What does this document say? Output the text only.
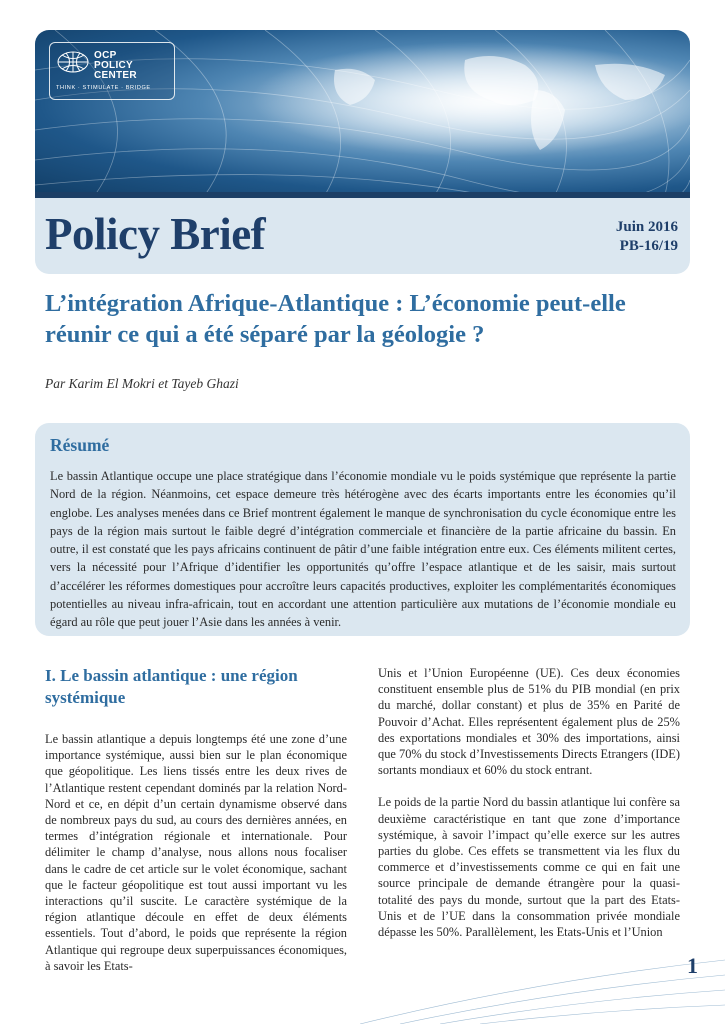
OCP
POLICY
CENTER
THINK · STIMULATE · BRIDGE
Policy Brief	Juin 2016
PB-16/19
L’intégration Afrique-Atlantique : L’économie peut-elle réunir ce qui a été séparé par la géologie ?
Par Karim El Mokri et Tayeb Ghazi
Résumé
Le bassin Atlantique occupe une place stratégique dans l’économie mondiale vu le poids systémique que représente la partie Nord de la région. Néanmoins, cet espace demeure très hétérogène avec des écarts importants entre les économies qu’il englobe. Les analyses menées dans ce Brief montrent également le manque de synchronisation du cycle économique entre les pays de la région mais surtout le faible degré d’intégration commerciale et financière de la partie africaine du bassin. En outre, il est constaté que les pays africains continuent de pâtir d’une faible intégration entre eux. Ces éléments militent certes, vers la nécessité pour l’Afrique d’identifier les opportunités qu’offre l’espace atlantique et de les saisir, mais surtout d’accélérer les réformes domestiques pour accroître leurs capacités productives, exploiter les complémentarités économiques potentielles au niveau infra-africain, tout en accordant une attention particulière aux mutations de l’économie mondiale eu égard au rôle que peut jouer l’Asie dans les années à venir.
I. Le bassin atlantique : une région systémique

Le bassin atlantique a depuis longtemps été une zone d’une importance systémique, aussi bien sur le plan économique que géopolitique. Les liens tissés entre les deux rives de l’Atlantique restent cependant dominés par la relation Nord-Nord et ce, en dépit d’un certain dynamisme observé dans de nombreux pays du sud, au cours des dernières années, en termes d’intégration régionale et internationale. Pour délimiter le champ d’analyse, nous allons nous focaliser dans le cadre de cet article sur le volet économique, sachant que le facteur géopolitique est tout aussi important vu les interactions qu’il suscite. Le caractère systémique de la région atlantique découle en effet de deux éléments essentiels. Tout d’abord, le poids que représente la région Atlantique qui regroupe deux superpuissances économiques, à savoir les Etats-

Unis et l’Union Européenne (UE). Ces deux économies constituent ensemble plus de 51% du PIB mondial (en prix du marché, dollar constant) et plus de 35% en Parité de Pouvoir d’Achat. Elles représentent également plus de 25% des exportations mondiales et 30% des importations, ainsi que 70% du stock d’Investissements Directs Etrangers (IDE) sortants mondiaux et 60% du stock entrant.

Le poids de la partie Nord du bassin atlantique lui confère sa deuxième caractéristique en tant que zone d’importance systémique, à savoir l’impact qu’elle exerce sur les autres parties du globe. Ces effets se transmettent via les flux du commerce et d’investissements comme ce qui en fait une source principale de demande étrangère pour la quasi-totalité des pays du monde, surtout que la part des Etats-Unis et de l’UE dans la consommation privée mondiale dépasse les 50%. Parallèlement, les Etats-Unis et l’Union

1
